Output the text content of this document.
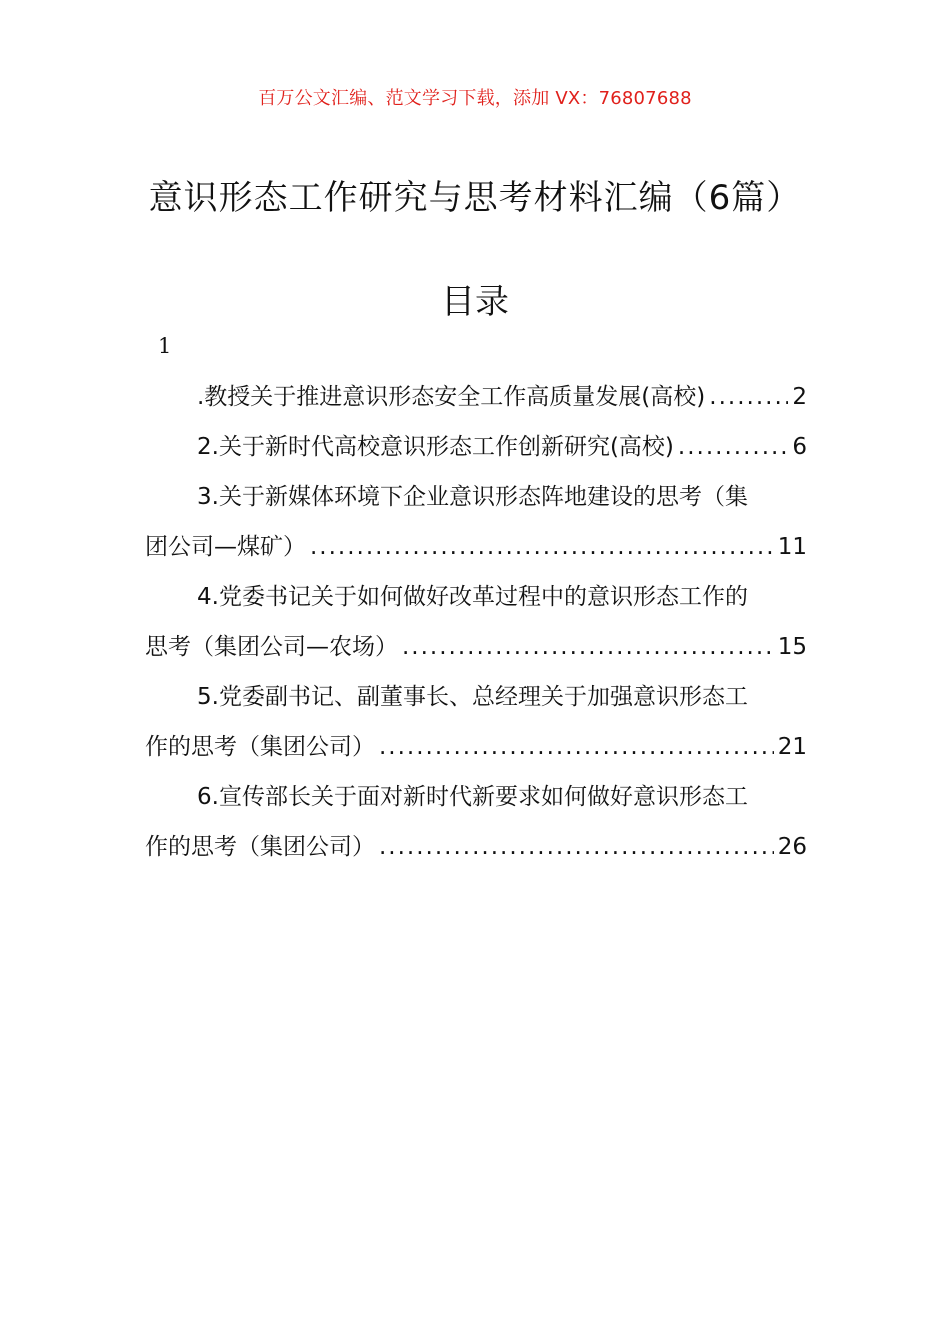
百万公文汇编、范文学习下载，添加 VX：76807688
意识形态工作研究与思考材料汇编（6篇）
目录
1
.教授关于推进意识形态安全工作高质量发展(高校) .....	2
2.关于新时代高校意识形态工作创新研究(高校) .....	6
3.关于新媒体环境下企业意识形态阵地建设的思考（集
团公司—煤矿） .....	11
4.党委书记关于如何做好改革过程中的意识形态工作的
思考（集团公司—农场） .....	15
5.党委副书记、副董事长、总经理关于加强意识形态工
作的思考（集团公司） .....	21
6.宣传部长关于面对新时代新要求如何做好意识形态工
作的思考（集团公司） .....	26
